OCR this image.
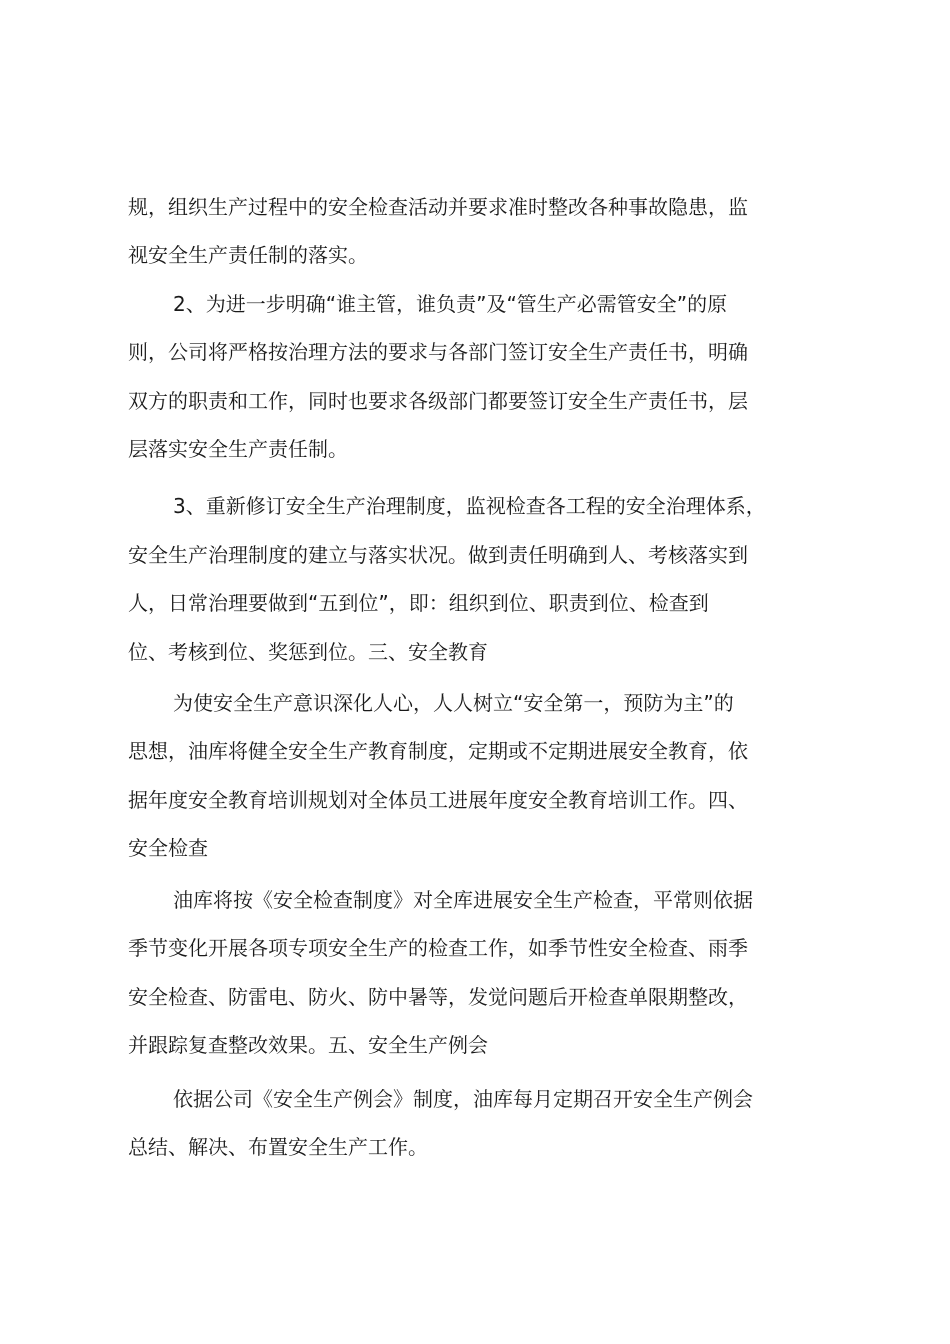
规，组织生产过程中的安全检查活动并要求准时整改各种事故隐患，监
视安全生产责任制的落实。
2、为进一步明确“谁主管，谁负责”及“管生产必需管安全”的原
则，公司将严格按治理方法的要求与各部门签订安全生产责任书，明确
双方的职责和工作，同时也要求各级部门都要签订安全生产责任书，层
层落实安全生产责任制。
3、重新修订安全生产治理制度，监视检查各工程的安全治理体系，
安全生产治理制度的建立与落实状况。做到责任明确到人、考核落实到
人，日常治理要做到“五到位”，即：组织到位、职责到位、检查到
位、考核到位、奖惩到位。三、安全教育
为使安全生产意识深化人心，人人树立“安全第一，预防为主”的
思想，油库将健全安全生产教育制度，定期或不定期进展安全教育，依
据年度安全教育培训规划对全体员工进展年度安全教育培训工作。四、
安全检查
油库将按《安全检查制度》对全库进展安全生产检查，平常则依据
季节变化开展各项专项安全生产的检查工作，如季节性安全检查、雨季
安全检查、防雷电、防火、防中暑等，发觉问题后开检查单限期整改，
并跟踪复查整改效果。五、安全生产例会
依据公司《安全生产例会》制度，油库每月定期召开安全生产例会
总结、解决、布置安全生产工作。
